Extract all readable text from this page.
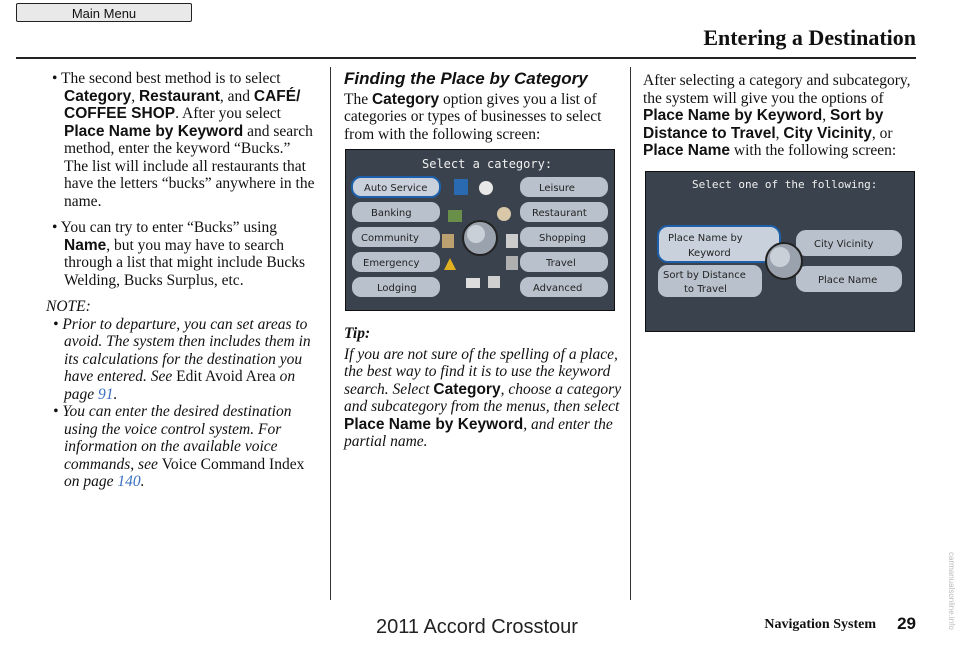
Main Menu
Entering a Destination
• The second best method is to select Category, Restaurant, and CAFÉ/ COFFEE SHOP. After you select Place Name by Keyword and search method, enter the keyword “Bucks.” The list will include all restaurants that have the letters “bucks” anywhere in the name.
• You can try to enter “Bucks” using Name, but you may have to search through a list that might include Bucks Welding, Bucks Surplus, etc.
NOTE:
• Prior to departure, you can set areas to avoid. The system then includes them in its calculations for the destination you have entered. See Edit Avoid Area on page 91.
• You can enter the desired destination using the voice control system. For information on the available voice commands, see Voice Command Index on page 140.
Finding the Place by Category
The Category option gives you a list of categories or types of businesses to select from with the following screen:
Select a category:
Auto Service
Banking
Community
Emergency
Lodging
Leisure
Restaurant
Shopping
Travel
Advanced
Tip:
If you are not sure of the spelling of a place, the best way to find it is to use the keyword search. Select Category, choose a category and subcategory from the menus, then select Place Name by Keyword, and enter the partial name.
After selecting a category and subcategory, the system will give you the options of Place Name by Keyword, Sort by Distance to Travel, City Vicinity, or Place Name with the following screen:
Select one of the following:
Place Name by
Keyword
Sort by Distance
to Travel
City Vicinity
Place Name
Navigation System 29
2011 Accord Crosstour	carmanualsonline.info
